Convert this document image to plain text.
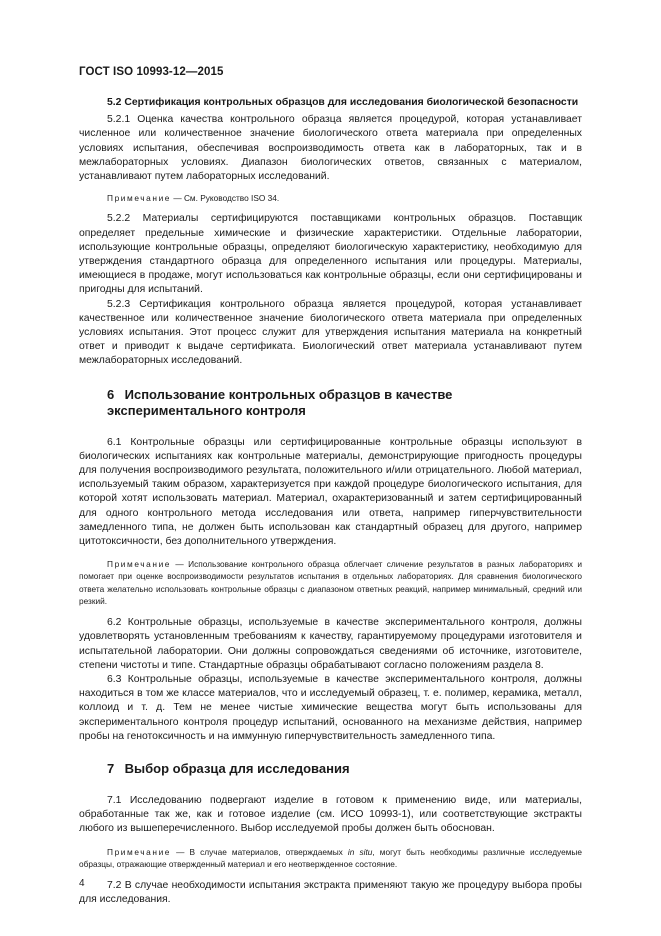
ГОСТ ISO 10993-12—2015

5.2 Сертификация контрольных образцов для исследования биологической безопасности

5.2.1 Оценка качества контрольного образца является процедурой, которая устанавливает численное или количественное значение биологического ответа материала при определенных условиях испытания, обеспечивая воспроизводимость ответа как в лабораторных, так и в межлабораторных условиях. Диапазон биологических ответов, связанных с материалом, устанавливают путем лабораторных исследований.

Примечание — См. Руководство ISO 34.

5.2.2 Материалы сертифицируются поставщиками контрольных образцов. Поставщик определяет предельные химические и физические характеристики. Отдельные лаборатории, использующие контрольные образцы, определяют биологическую характеристику, необходимую для утверждения стандартного образца для определенного испытания или процедуры. Материалы, имеющиеся в продаже, могут использоваться как контрольные образцы, если они сертифицированы и пригодны для испытаний.

5.2.3 Сертификация контрольного образца является процедурой, которая устанавливает качественное или количественное значение биологического ответа материала при определенных условиях испытания. Этот процесс служит для утверждения испытания материала на конкретный ответ и приводит к выдаче сертификата. Биологический ответ материала устанавливают путем межлабораторных исследований.

6 Использование контрольных образцов в качестве
экспериментального контроля

6.1 Контрольные образцы или сертифицированные контрольные образцы используют в биологических испытаниях как контрольные материалы, демонстрирующие пригодность процедуры для получения воспроизводимого результата, положительного и/или отрицательного. Любой материал, используемый таким образом, характеризуется при каждой процедуре биологического испытания, для которой хотят использовать материал. Материал, охарактеризованный и затем сертифицированный для одного контрольного метода исследования или ответа, например гиперчувствительности замедленного типа, не должен быть использован как стандартный образец для другого, например цитотоксичности, без дополнительного утверждения.

Примечание — Использование контрольного образца облегчает сличение результатов в разных лабораториях и помогает при оценке воспроизводимости результатов испытания в отдельных лабораториях. Для сравнения биологического ответа желательно использовать контрольные образцы с диапазоном ответных реакций, например минимальный, средний или резкий.

6.2 Контрольные образцы, используемые в качестве экспериментального контроля, должны удовлетворять установленным требованиям к качеству, гарантируемому процедурами изготовителя и испытательной лаборатории. Они должны сопровождаться сведениями об источнике, изготовителе, степени чистоты и типе. Стандартные образцы обрабатывают согласно положениям раздела 8.

6.3 Контрольные образцы, используемые в качестве экспериментального контроля, должны находиться в том же классе материалов, что и исследуемый образец, т. е. полимер, керамика, металл, коллоид и т. д. Тем не менее чистые химические вещества могут быть использованы для экспериментального контроля процедур испытаний, основанного на механизме действия, например пробы на генотоксичность и на иммунную гиперчувствительность замедленного типа.

7 Выбор образца для исследования

7.1 Исследованию подвергают изделие в готовом к применению виде, или материалы, обработанные так же, как и готовое изделие (см. ИСО 10993-1), или соответствующие экстракты любого из вышеперечисленного. Выбор исследуемой пробы должен быть обоснован.

Примечание — В случае материалов, отверждаемых in situ, могут быть необходимы различные исследуемые образцы, отражающие отвержденный материал и его неотвержденное состояние.

7.2 В случае необходимости испытания экстракта применяют такую же процедуру выбора пробы для исследования.

4
